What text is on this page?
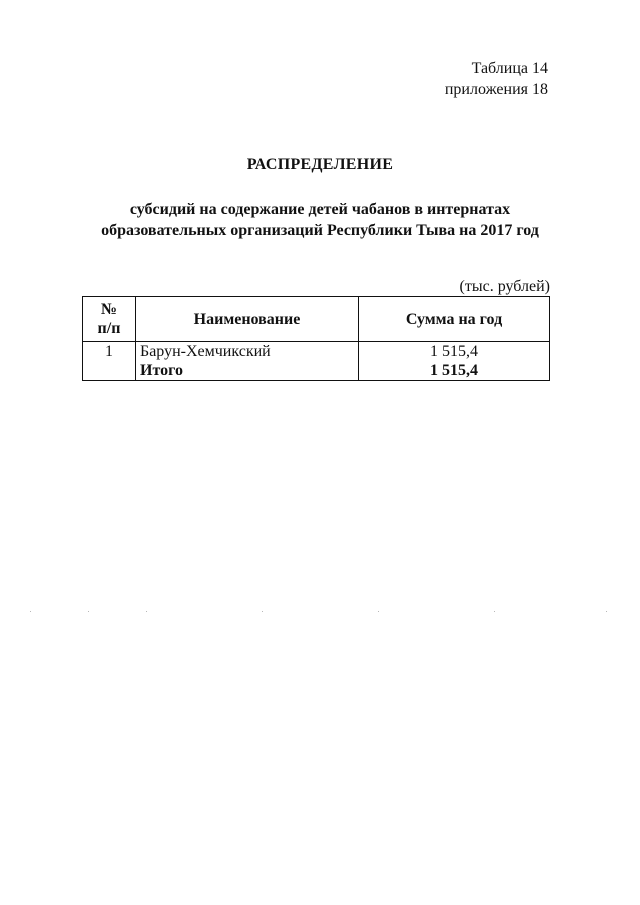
Таблица 14
приложения 18
РАСПРЕДЕЛЕНИЕ
субсидий на содержание детей чабанов в интернатах
образовательных организаций Республики Тыва на 2017 год
(тыс. рублей)
№
п/п	Наименование	Сумма на год
1	Барун-Хемчикский	1 515,4
	Итого	1 515,4
